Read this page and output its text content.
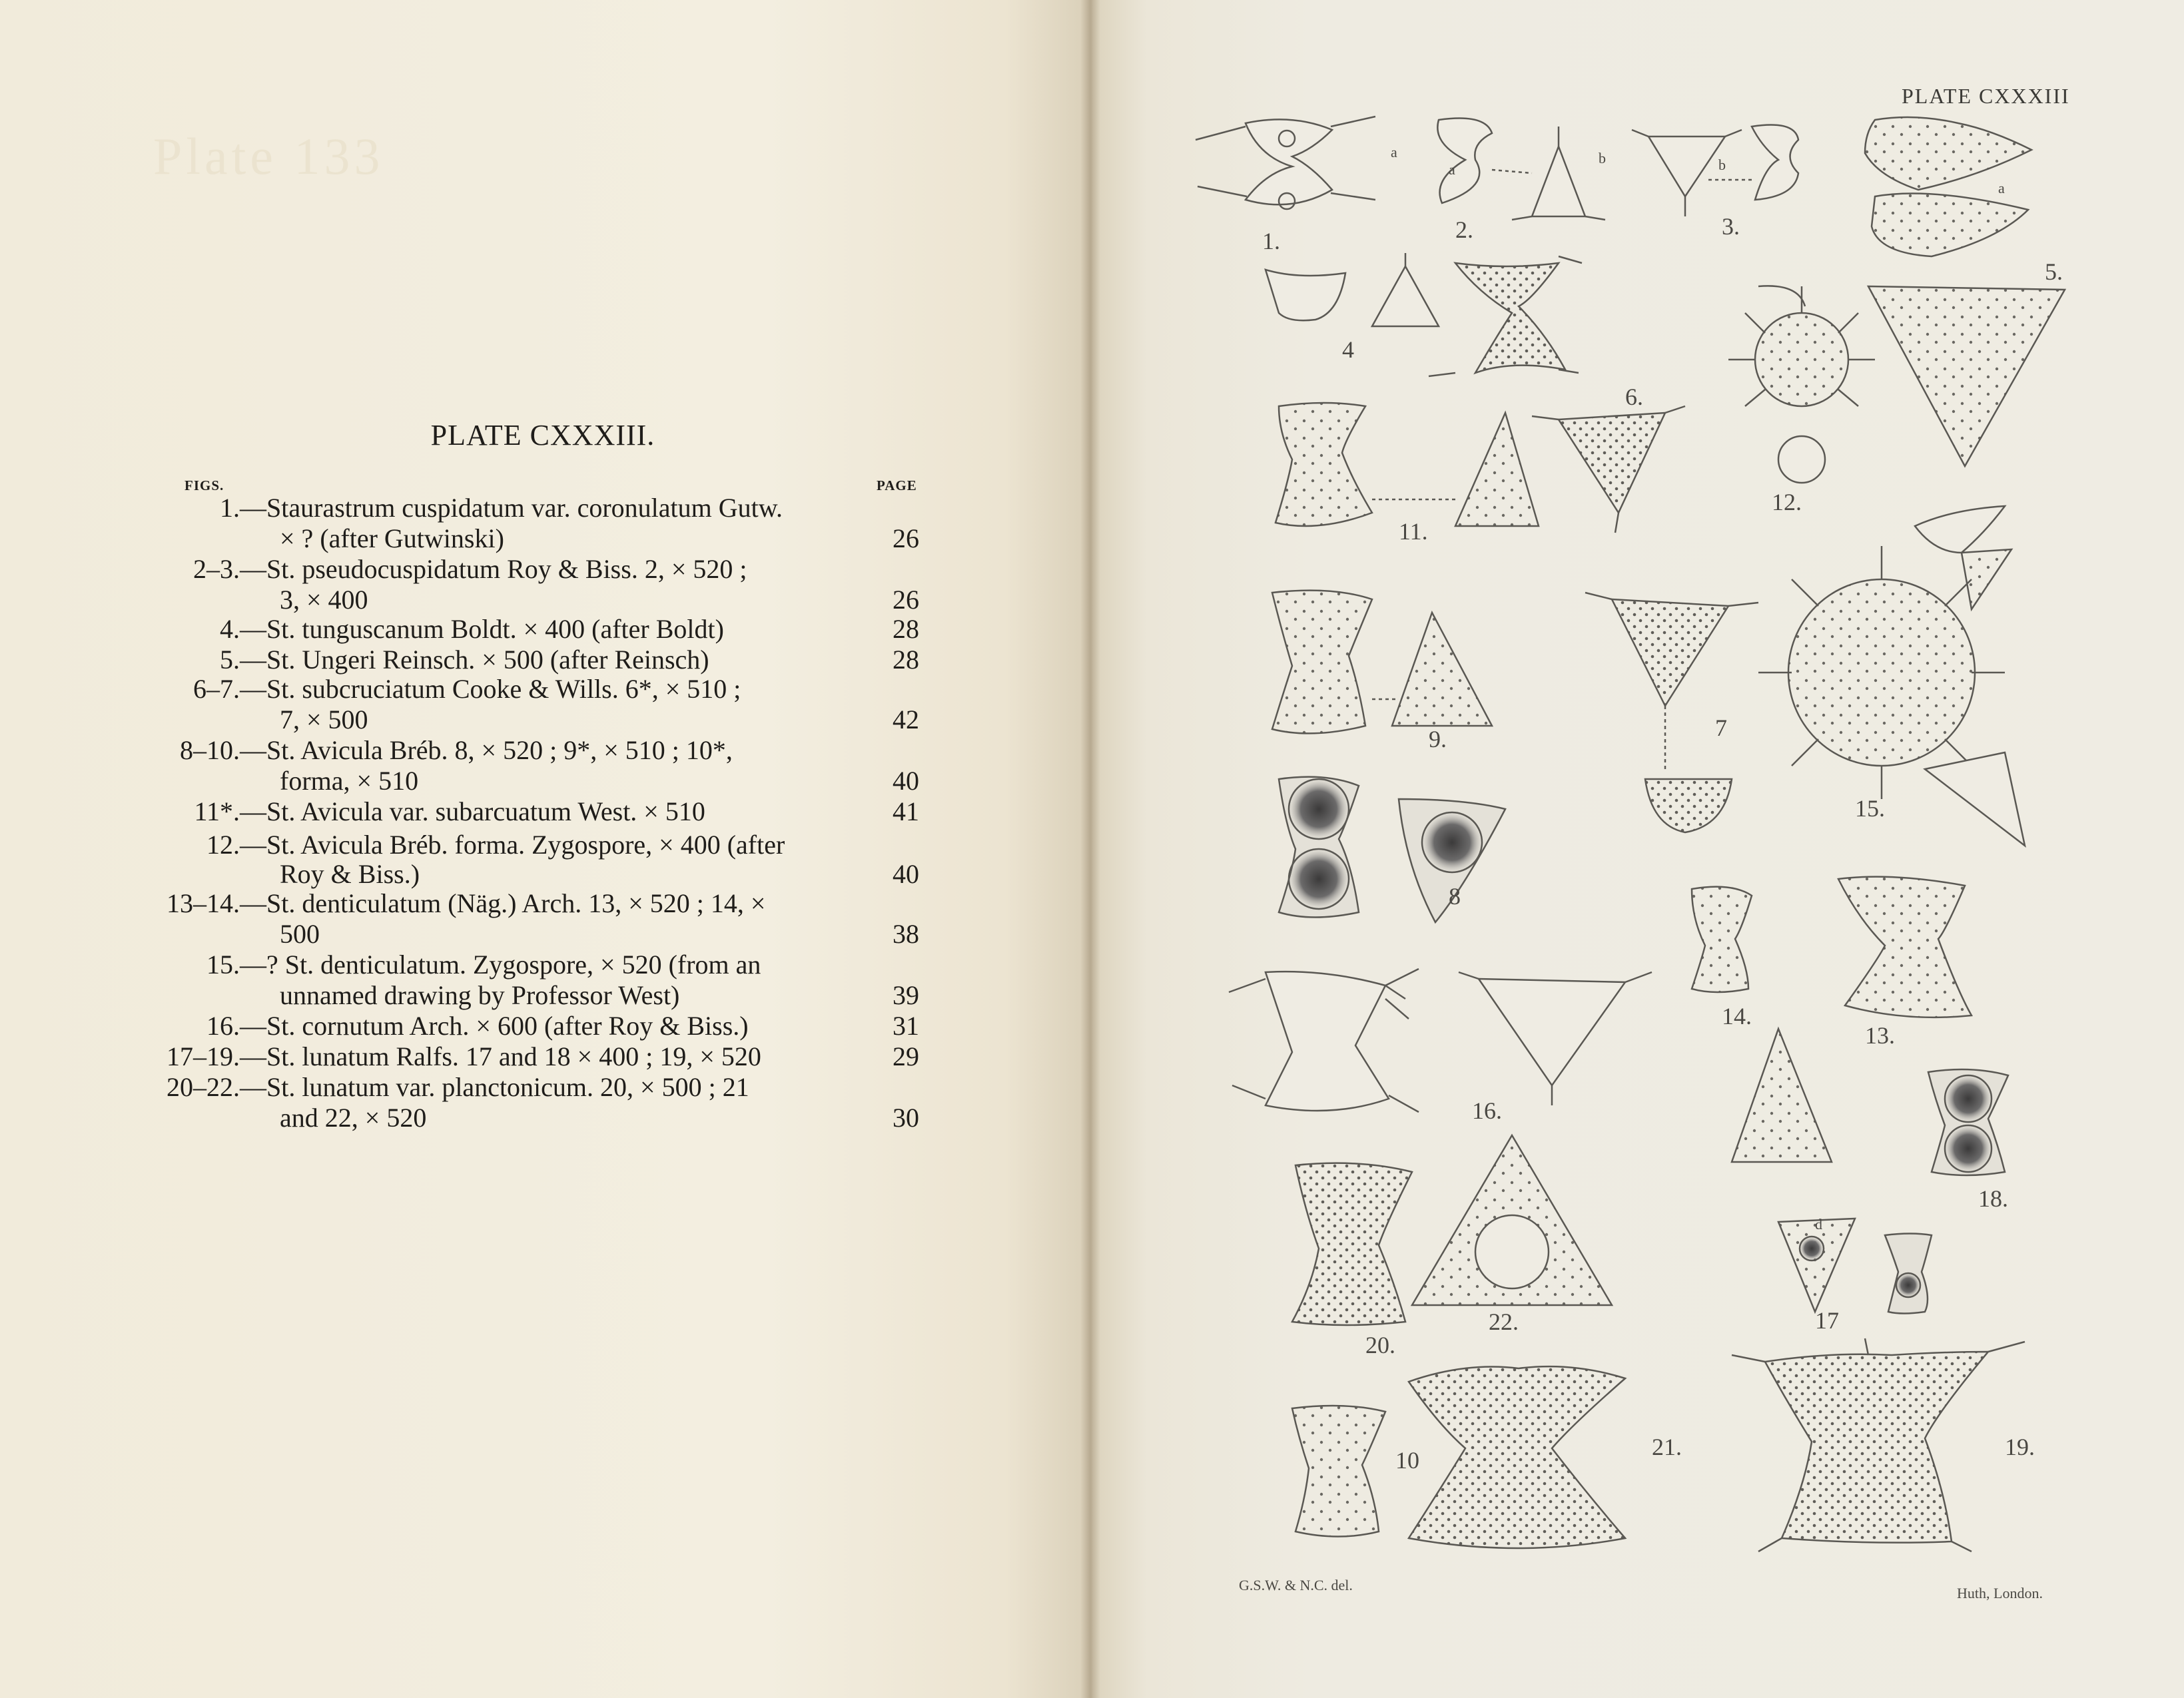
Plate 133
PLATE CXXXIII.
FIGS.	PAGE
1.— Staurastrum cuspidatum var. coronulatum Gutw.
× ? (after Gutwinski)	26
2–3.— St. pseudocuspidatum Roy & Biss. 2, × 520 ;
3, × 400	26
4.— St. tunguscanum Boldt. × 400 (after Boldt)	28
5.— St. Ungeri Reinsch. × 500 (after Reinsch)	28
6–7.— St. subcruciatum Cooke & Wills. 6*, × 510 ;
7, × 500	42
8–10.— St. Avicula Bréb. 8, × 520 ; 9*, × 510 ; 10*,
forma, × 510	40
11*.— St. Avicula var. subarcuatum West. × 510	41
12.— St. Avicula Bréb. forma. Zygospore, × 400 (after
Roy & Biss.)	40
13–14.— St. denticulatum (Näg.) Arch. 13, × 520 ; 14, ×
500	38
15.— ? St. denticulatum. Zygospore, × 520 (from an
unnamed drawing by Professor West)	39
16.— St. cornutum Arch. × 600 (after Roy & Biss.)	31
17–19.— St. lunatum Ralfs. 17 and 18 × 400 ; 19, × 520	29
20–22.— St. lunatum var. planctonicum. 20, × 500 ; 21
and 22, × 520	30
PLATE CXXXIII
G.S.W. & N.C. del.	Huth, London.
1.	2.	3.
4
5.
6.
7
8
9.
10
11.
12.
13.
14.
15.
16.
17
18.
19.
20.
21.
22.
a
a
a
b	b
d
